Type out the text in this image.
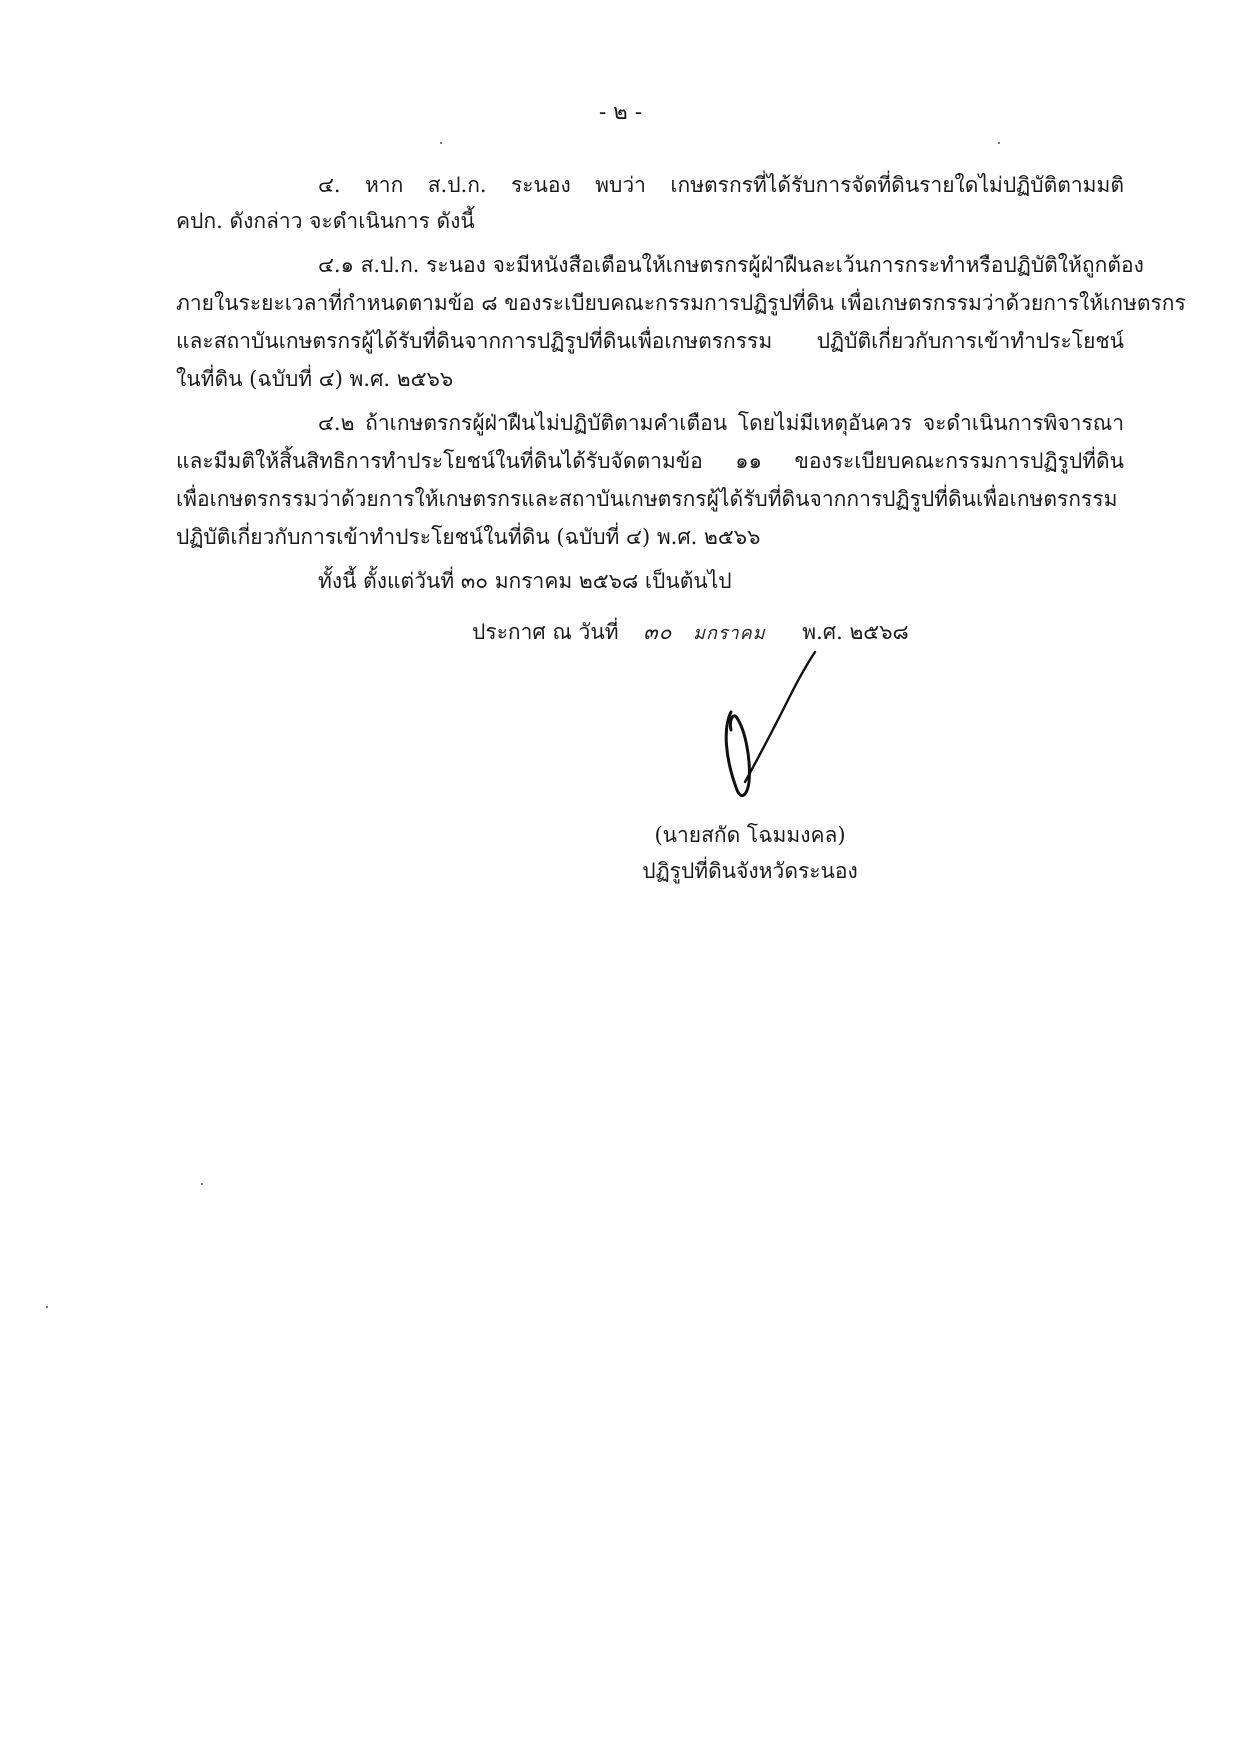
- ๒ -
๔. หาก ส.ป.ก. ระนอง พบว่า เกษตรกรที่ได้รับการจัดที่ดินรายใดไม่ปฏิบัติตามมติ
คปก. ดังกล่าว จะดำเนินการ ดังนี้
๔.๑ ส.ป.ก. ระนอง จะมีหนังสือเตือนให้เกษตรกรผู้ฝ่าฝืนละเว้นการกระทำหรือปฏิบัติให้ถูกต้อง
ภายในระยะเวลาที่กำหนดตามข้อ ๘ ของระเบียบคณะกรรมการปฏิรูปที่ดิน เพื่อเกษตรกรรมว่าด้วยการให้เกษตรกร
และสถาบันเกษตรกรผู้ได้รับที่ดินจากการปฏิรูปที่ดินเพื่อเกษตรกรรม ปฏิบัติเกี่ยวกับการเข้าทำประโยชน์
ในที่ดิน (ฉบับที่ ๔) พ.ศ. ๒๕๖๖
๔.๒ ถ้าเกษตรกรผู้ฝ่าฝืนไม่ปฏิบัติตามคำเตือน โดยไม่มีเหตุอันควร จะดำเนินการพิจารณา
และมีมติให้สิ้นสิทธิการทำประโยชน์ในที่ดินได้รับจัดตามข้อ ๑๑ ของระเบียบคณะกรรมการปฏิรูปที่ดิน
เพื่อเกษตรกรรมว่าด้วยการให้เกษตรกรและสถาบันเกษตรกรผู้ได้รับที่ดินจากการปฏิรูปที่ดินเพื่อเกษตรกรรม
ปฏิบัติเกี่ยวกับการเข้าทำประโยชน์ในที่ดิน (ฉบับที่ ๔) พ.ศ. ๒๕๖๖
ทั้งนี้ ตั้งแต่วันที่ ๓๐ มกราคม ๒๕๖๘ เป็นต้นไป
ประกาศ ณ วันที่ ๓๐ มกราคม พ.ศ. ๒๕๖๘
(นายสกัด โฉมมงคล)
ปฏิรูปที่ดินจังหวัดระนอง
